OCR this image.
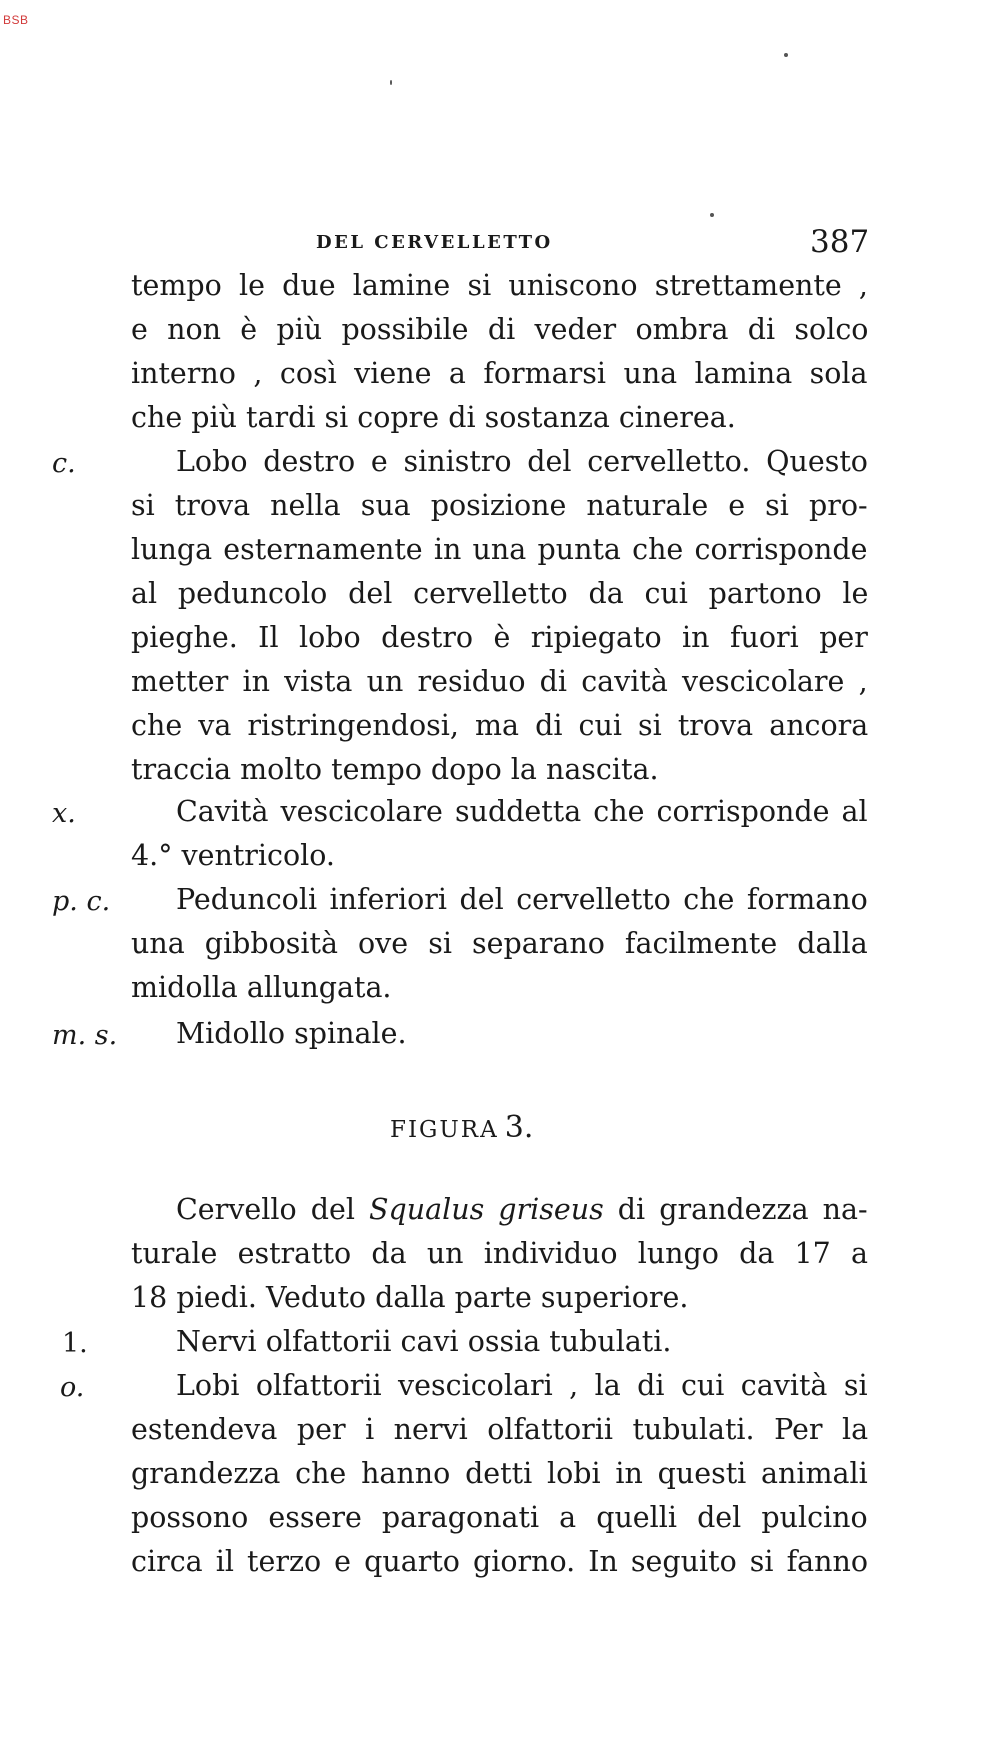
BSB
DEL CERVELLETTO	387
tempo le due lamine si uniscono strettamente ,
e non è più possibile di veder ombra di solco
interno , così viene a formarsi una lamina sola
che più tardi si copre di sostanza cinerea.
c.	Lobo destro e sinistro del cervelletto. Questo
si trova nella sua posizione naturale e si pro-
lunga esternamente in una punta che corrisponde
al peduncolo del cervelletto da cui partono le
pieghe. Il lobo destro è ripiegato in fuori per
metter in vista un residuo di cavità vescicolare ,
che va ristringendosi, ma di cui si trova ancora
traccia molto tempo dopo la nascita.
x.	Cavità vescicolare suddetta che corrisponde al
4.° ventricolo.
p. c. Peduncoli inferiori del cervelletto che formano
una gibbosità ove si separano facilmente dalla
midolla allungata.
m. s. Midollo spinale.
FIGURA 3.
Cervello del Squalus griseus di grandezza na-
turale estratto da un individuo lungo da 17 a
18 piedi. Veduto dalla parte superiore.
1.	Nervi olfattorii cavi ossia tubulati.
o.	Lobi olfattorii vescicolari , la di cui cavità si
estendeva per i nervi olfattorii tubulati. Per la
grandezza che hanno detti lobi in questi animali
possono essere paragonati a quelli del pulcino
circa il terzo e quarto giorno. In seguito si fanno
